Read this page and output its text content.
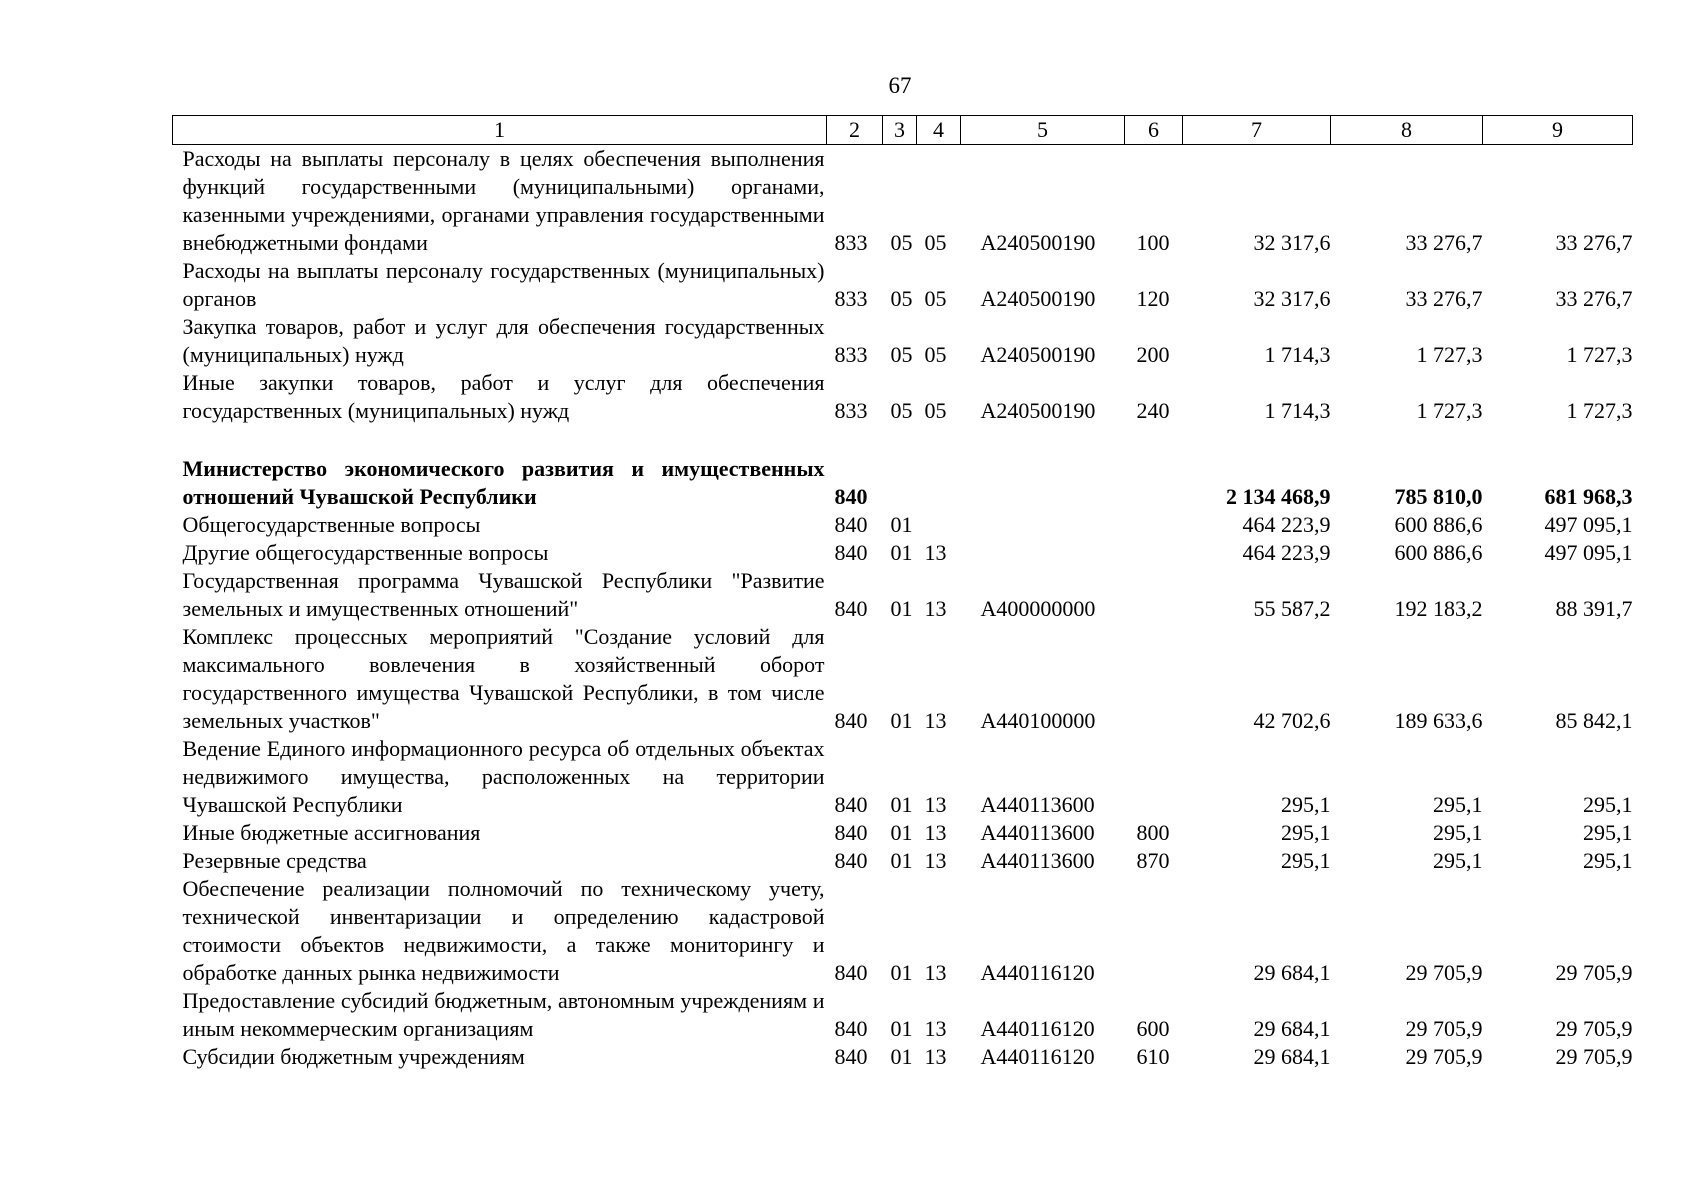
67
1	2	3	4	5	6	7	8	9
Расходы на выплаты персоналу в целях обеспечения выполнения функций государственными (муниципальными) органами, казенными учреждениями, органами управления государственными внебюджетными фондами	833	05	05	А240500190	100	32 317,6	33 276,7	33 276,7
Расходы на выплаты персоналу государственных (муниципальных) органов	833	05	05	А240500190	120	32 317,6	33 276,7	33 276,7
Закупка товаров, работ и услуг для обеспечения государственных (муниципальных) нужд	833	05	05	А240500190	200	1 714,3	1 727,3	1 727,3
Иные закупки товаров, работ и услуг для обеспечения государственных (муниципальных) нужд	833	05	05	А240500190	240	1 714,3	1 727,3	1 727,3

Министерство экономического развития и имущественных отношений Чувашской Республики	840					2 134 468,9	785 810,0	681 968,3
Общегосударственные вопросы	840	01				464 223,9	600 886,6	497 095,1
Другие общегосударственные вопросы	840	01	13			464 223,9	600 886,6	497 095,1
Государственная программа Чувашской Республики "Развитие земельных и имущественных отношений"	840	01	13	А400000000		55 587,2	192 183,2	88 391,7
Комплекс процессных мероприятий "Создание условий для максимального вовлечения в хозяйственный оборот государственного имущества Чувашской Республики, в том числе земельных участков"	840	01	13	А440100000		42 702,6	189 633,6	85 842,1
Ведение Единого информационного ресурса об отдельных объектах недвижимого имущества, расположенных на территории Чувашской Республики	840	01	13	А440113600		295,1	295,1	295,1
Иные бюджетные ассигнования	840	01	13	А440113600	800	295,1	295,1	295,1
Резервные средства	840	01	13	А440113600	870	295,1	295,1	295,1
Обеспечение реализации полномочий по техническому учету, технической инвентаризации и определению кадастровой стоимости объектов недвижимости, а также мониторингу и обработке данных рынка недвижимости	840	01	13	А440116120		29 684,1	29 705,9	29 705,9
Предоставление субсидий бюджетным, автономным учреждениям и иным некоммерческим организациям	840	01	13	А440116120	600	29 684,1	29 705,9	29 705,9
Субсидии бюджетным учреждениям	840	01	13	А440116120	610	29 684,1	29 705,9	29 705,9
